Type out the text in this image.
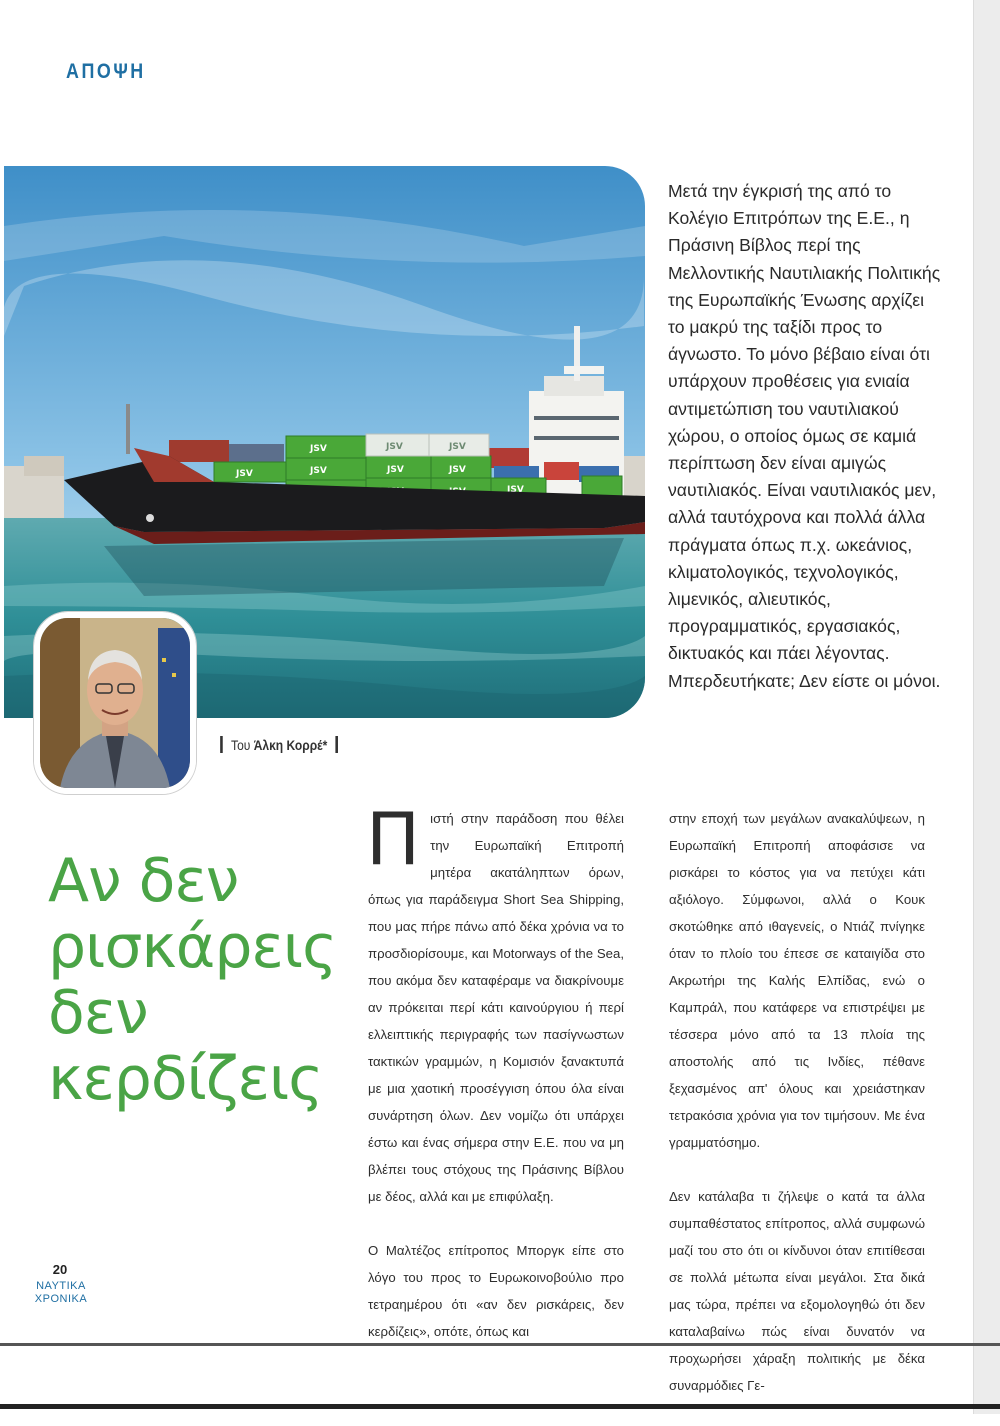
ΑΠΟΨΗ
JSV
JSV	JSV	JSV
JSV
JSV
JSV
JSV
Του Άλκη Κορρέ*

Μετά την έγκρισή της από το Κολέγιο Επιτρόπων της Ε.Ε., η Πράσινη Βίβλος περί της Μελλοντικής Ναυτιλιακής Πολιτικής της Ευρωπαϊκής Ένωσης αρχίζει το μακρύ της ταξίδι προς το άγνωστο. Το μόνο βέβαιο είναι ότι υπάρχουν προθέσεις για ενιαία αντιμετώπιση του ναυτιλιακού χώρου, ο οποίος όμως σε καμιά περίπτωση δεν είναι αμιγώς ναυτιλιακός. Είναι ναυτιλιακός μεν, αλλά ταυτόχρονα και πολλά άλλα πράγματα όπως π.χ. ωκεάνιος, κλιματολογικός, τεχνολογικός, λιμενικός, αλιευτικός, προγραμματικός, εργασιακός, δικτυακός και πάει λέγοντας. Μπερδευτήκατε; Δεν είστε οι μόνοι.

Αν δεν
ρισκάρεις
δεν
κερδίζεις

Πιστή στην παράδοση που θέλει την Ευρωπαϊκή Επιτροπή μητέρα ακατάληπτων όρων, όπως για παράδειγμα Short Sea Shipping, που μας πήρε πάνω από δέκα χρόνια να το προσδιορίσουμε, και Motorways of the Sea, που ακόμα δεν καταφέραμε να διακρίνουμε αν πρόκειται περί κάτι καινούργιου ή περί ελλειπτικής περιγραφής των πασίγνωστων τακτικών γραμμών, η Κομισιόν ξανακτυπά με μια χαοτική προσέγγιση όπου όλα είναι συνάρτηση όλων. Δεν νομίζω ότι υπάρχει έστω και ένας σήμερα στην Ε.Ε. που να μη βλέπει τους στόχους της Πράσινης Βίβλου με δέος, αλλά και με επιφύλαξη.

Ο Μαλτέζος επίτροπος Μποργκ είπε στο λόγο του προς το Ευρωκοινοβούλιο προ τετραημέρου ότι «αν δεν ρισκάρεις, δεν κερδίζεις», οπότε, όπως και

στην εποχή των μεγάλων ανακαλύψεων, η Ευρωπαϊκή Επιτροπή αποφάσισε να ρισκάρει το κόστος για να πετύχει κάτι αξιόλογο. Σύμφωνοι, αλλά ο Κουκ σκοτώθηκε από ιθαγενείς, ο Ντιάζ πνίγηκε όταν το πλοίο του έπεσε σε καταιγίδα στο Ακρωτήρι της Καλής Ελπίδας, ενώ ο Καμπράλ, που κατάφερε να επιστρέψει με τέσσερα μόνο από τα 13 πλοία της αποστολής από τις Ινδίες, πέθανε ξεχασμένος απ' όλους και χρειάστηκαν τετρακόσια χρόνια για τον τιμήσουν. Με ένα γραμματόσημο.

Δεν κατάλαβα τι ζήλεψε ο κατά τα άλλα συμπαθέστατος επίτροπος, αλλά συμφωνώ μαζί του στο ότι οι κίνδυνοι όταν επιτίθεσαι σε πολλά μέτωπα είναι μεγάλοι. Στα δικά μας τώρα, πρέπει να εξομολογηθώ ότι δεν καταλαβαίνω πώς είναι δυνατόν να προχωρήσει χάραξη πολιτικής με δέκα συναρμόδιες Γε-

20
ΝΑΥΤΙΚΑ
ΧΡΟΝΙΚΑ
